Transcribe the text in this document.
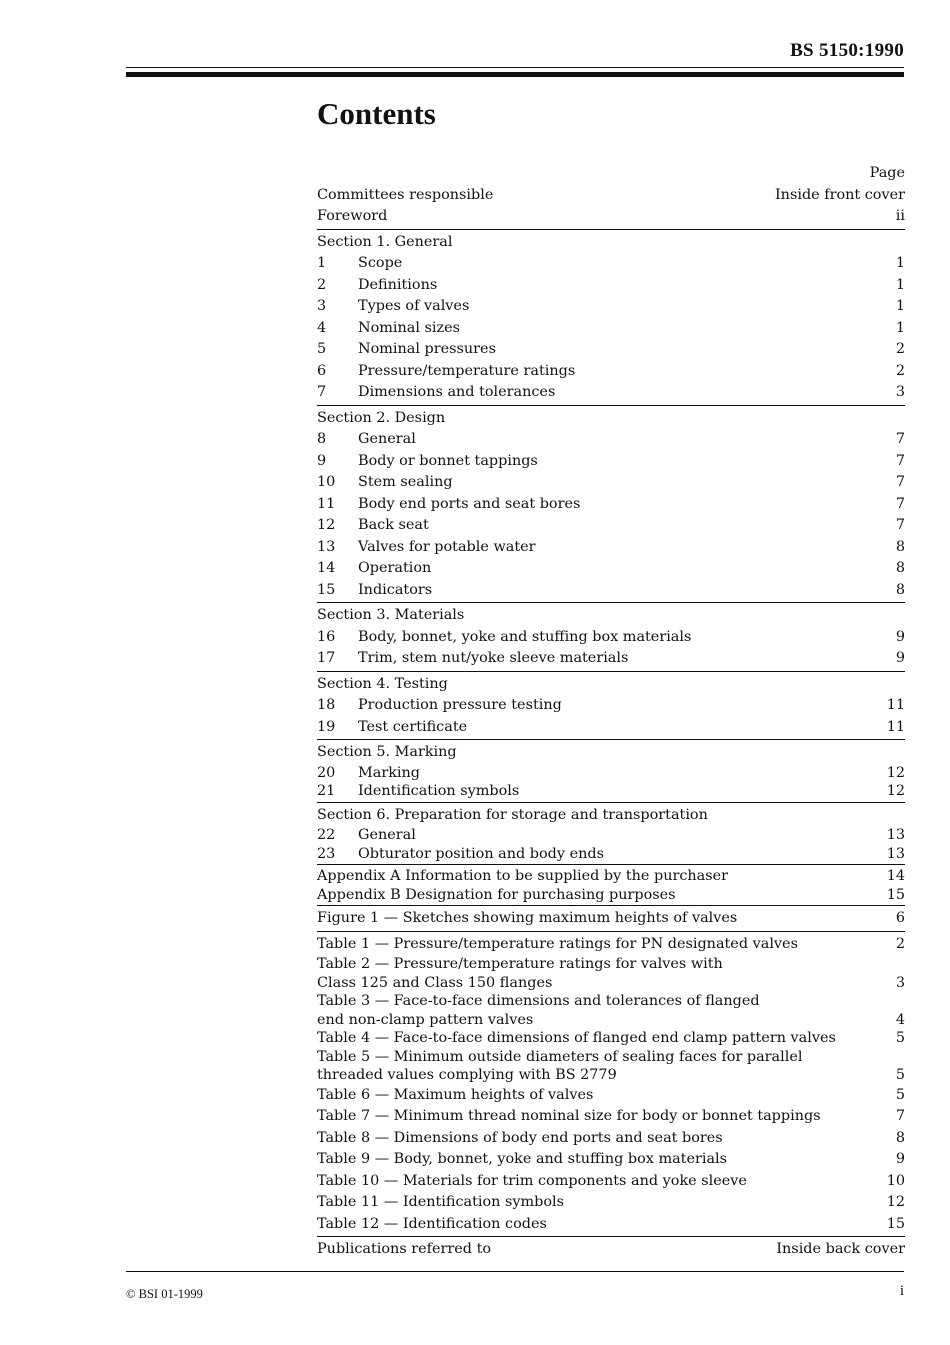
BS 5150:1990
Contents
Page
Committees responsible	Inside front cover
Foreword	ii
Section 1. General
1	Scope	1
2	Definitions	1
3	Types of valves	1
4	Nominal sizes	1
5	Nominal pressures	2
6	Pressure/temperature ratings	2
7	Dimensions and tolerances	3
Section 2. Design
8	General	7
9	Body or bonnet tappings	7
10	Stem sealing	7
11	Body end ports and seat bores	7
12	Back seat	7
13	Valves for potable water	8
14	Operation	8
15	Indicators	8
Section 3. Materials
16	Body, bonnet, yoke and stuffing box materials	9
17	Trim, stem nut/yoke sleeve materials	9
Section 4. Testing
18	Production pressure testing	11
19	Test certificate	11
Section 5. Marking
20	Marking	12
21	Identification symbols	12
Section 6. Preparation for storage and transportation
22	General	13
23	Obturator position and body ends	13
Appendix A Information to be supplied by the purchaser	14
Appendix B Designation for purchasing purposes	15
Figure 1 — Sketches showing maximum heights of valves	6
Table 1 — Pressure/temperature ratings for PN designated valves	2
Table 2 — Pressure/temperature ratings for valves with
Class 125 and Class 150 flanges	3
Table 3 — Face-to-face dimensions and tolerances of flanged
end non-clamp pattern valves	4
Table 4 — Face-to-face dimensions of flanged end clamp pattern valves	5
Table 5 — Minimum outside diameters of sealing faces for parallel
threaded values complying with BS 2779	5
Table 6 — Maximum heights of valves	5
Table 7 — Minimum thread nominal size for body or bonnet tappings	7
Table 8 — Dimensions of body end ports and seat bores	8
Table 9 — Body, bonnet, yoke and stuffing box materials	9
Table 10 — Materials for trim components and yoke sleeve	10
Table 11 — Identification symbols	12
Table 12 — Identification codes	15
Publications referred to	Inside back cover
© BSI 01-1999	i
